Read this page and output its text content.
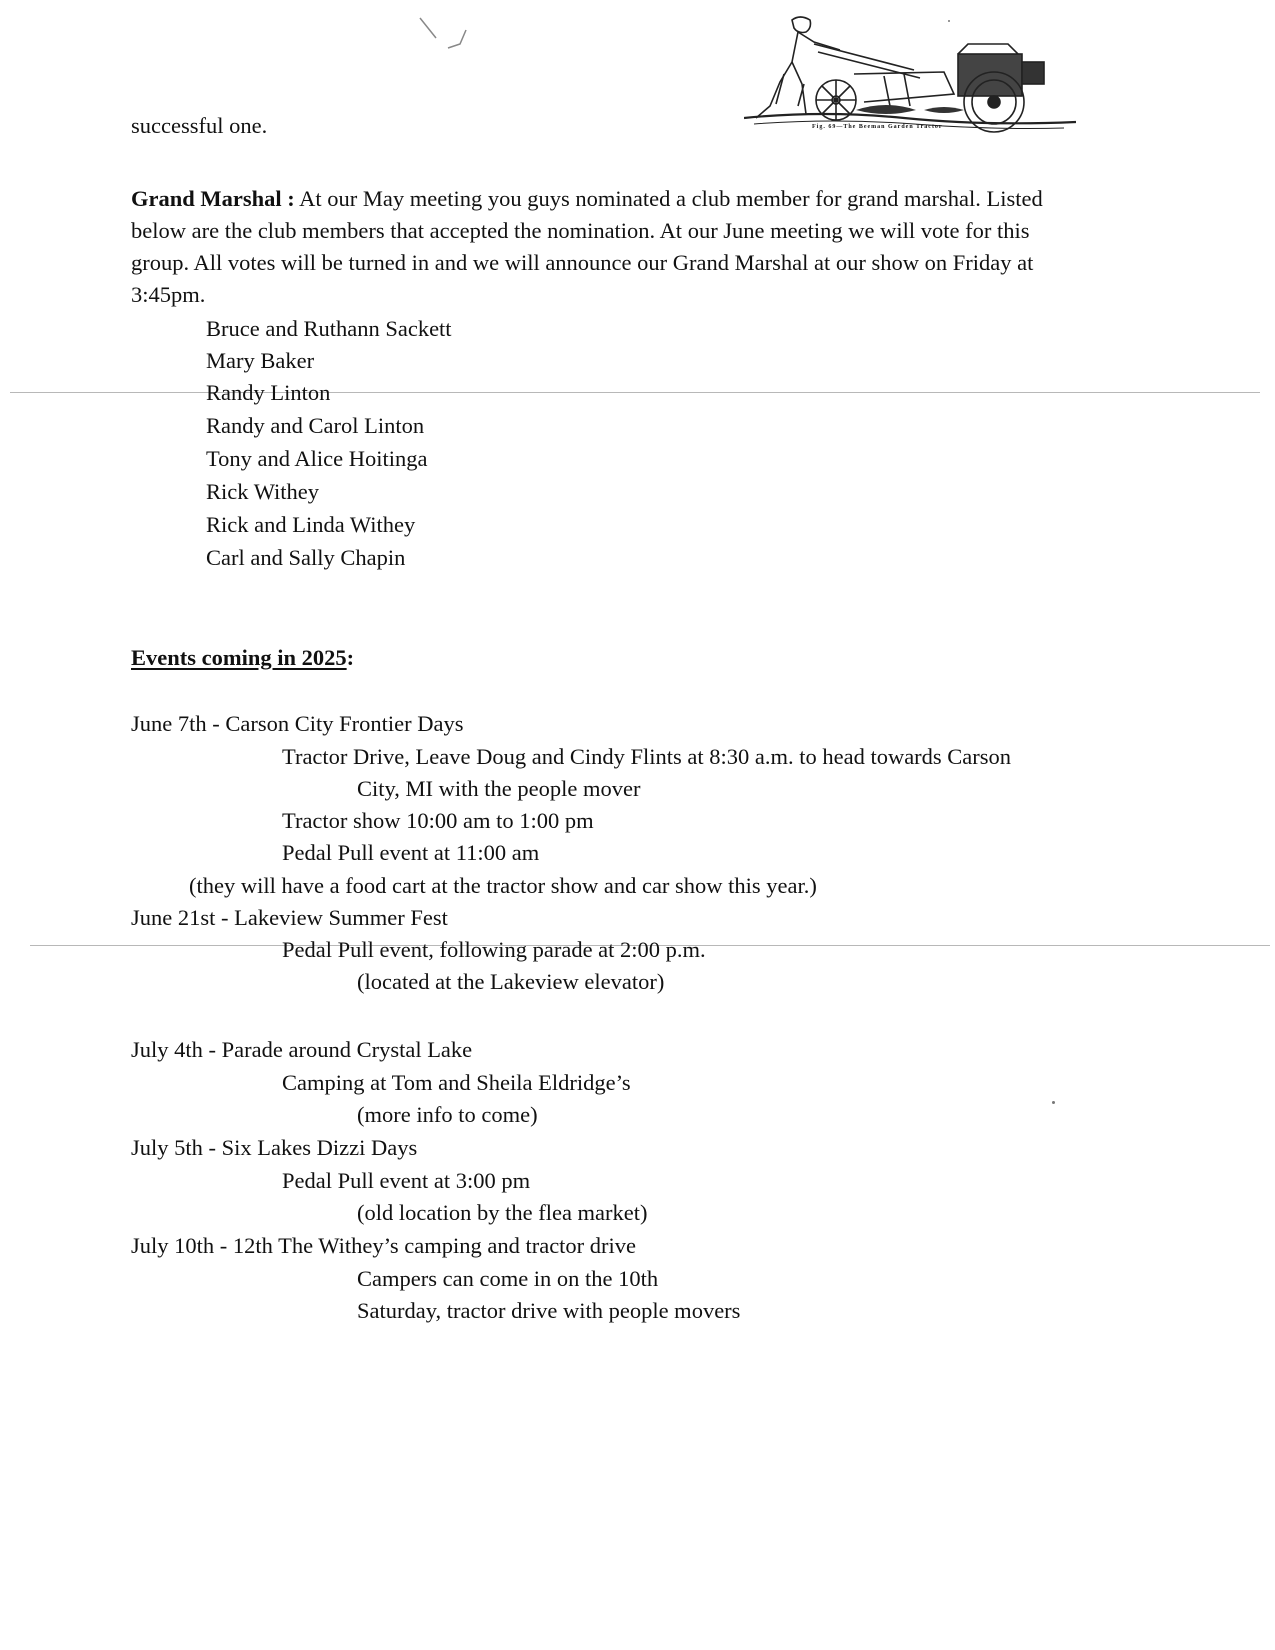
Fig. 69—The Beeman Garden Tractor
successful one.
Grand Marshal : At our May meeting you guys nominated a club member for grand marshal. Listed below are the club members that accepted the nomination. At our June meeting we will vote for this group. All votes will be turned in and we will announce our Grand Marshal at our show on Friday at 3:45pm.
Bruce and Ruthann Sackett
Mary Baker
Randy Linton
Randy and Carol Linton
Tony and Alice Hoitinga
Rick Withey
Rick and Linda Withey
Carl and Sally Chapin
Events coming in 2025:
June 7th - Carson City Frontier Days
Tractor Drive, Leave Doug and Cindy Flints at 8:30 a.m. to head towards Carson
City, MI with the people mover
Tractor show 10:00 am to 1:00 pm
Pedal Pull event at 11:00 am
(they will have a food cart at the tractor show and car show this year.)
June 21st - Lakeview Summer Fest
Pedal Pull event, following parade at 2:00 p.m.
(located at the Lakeview elevator)
July 4th - Parade around Crystal Lake
Camping at Tom and Sheila Eldridge’s
(more info to come)
July 5th - Six Lakes Dizzi Days
Pedal Pull event at 3:00 pm
(old location by the flea market)
July 10th - 12th The Withey’s camping and tractor drive
Campers can come in on the 10th
Saturday, tractor drive with people movers
